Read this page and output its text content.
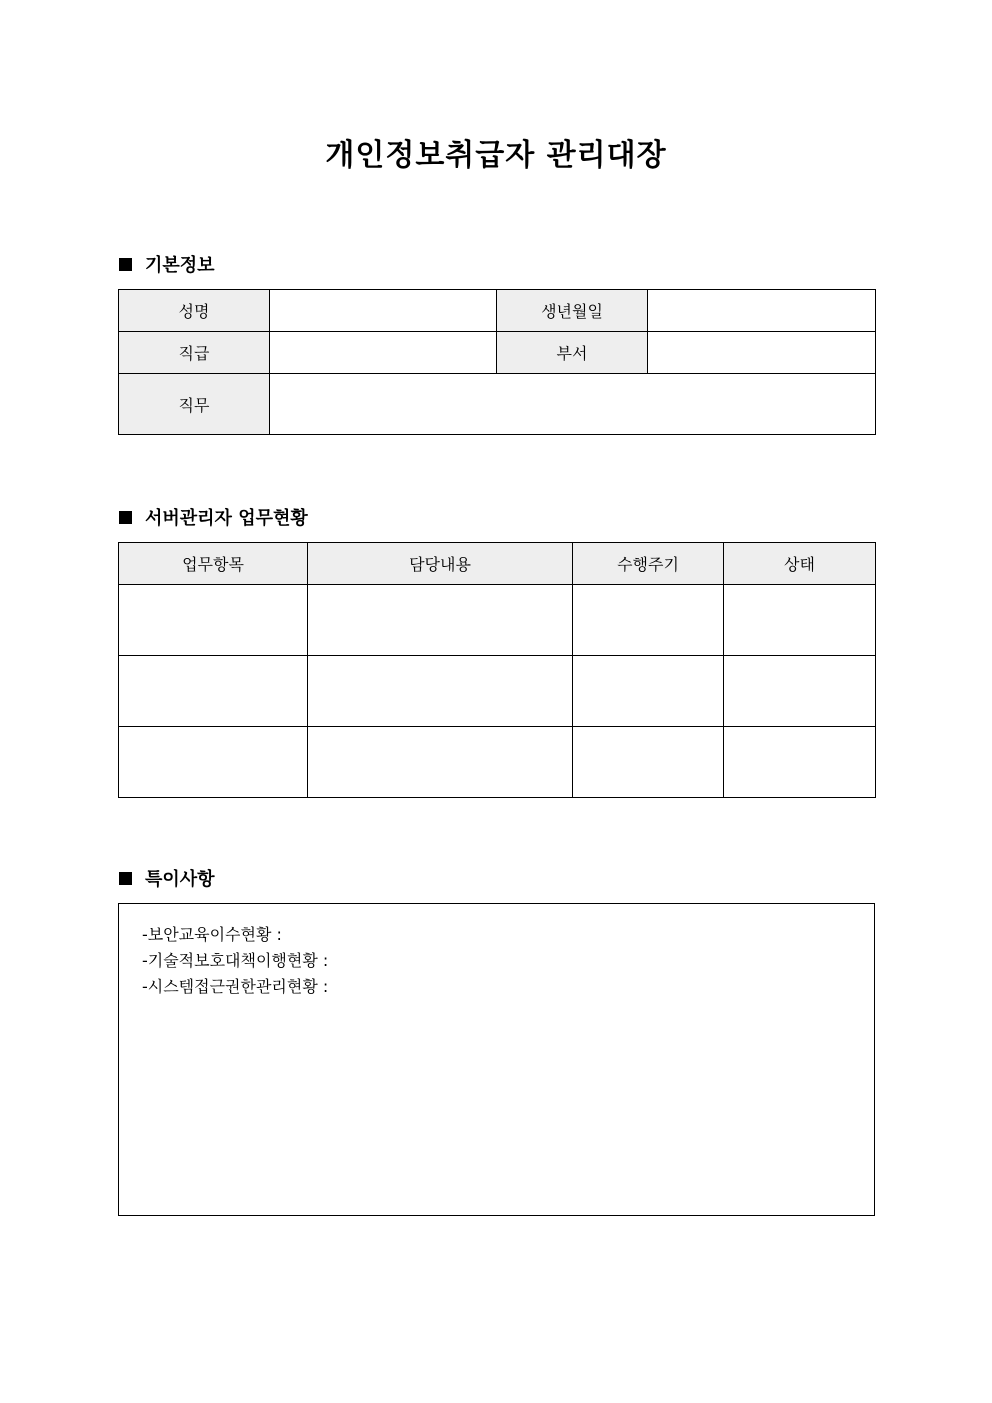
개인정보취급자 관리대장
기본정보
성명		생년월일	
직급		부서	
직무			
서버관리자 업무현황
업무항목	담당내용	수행주기	상태

특이사항
-보안교육이수현황 :
-기술적보호대책이행현황 :
-시스템접근권한관리현황 :
